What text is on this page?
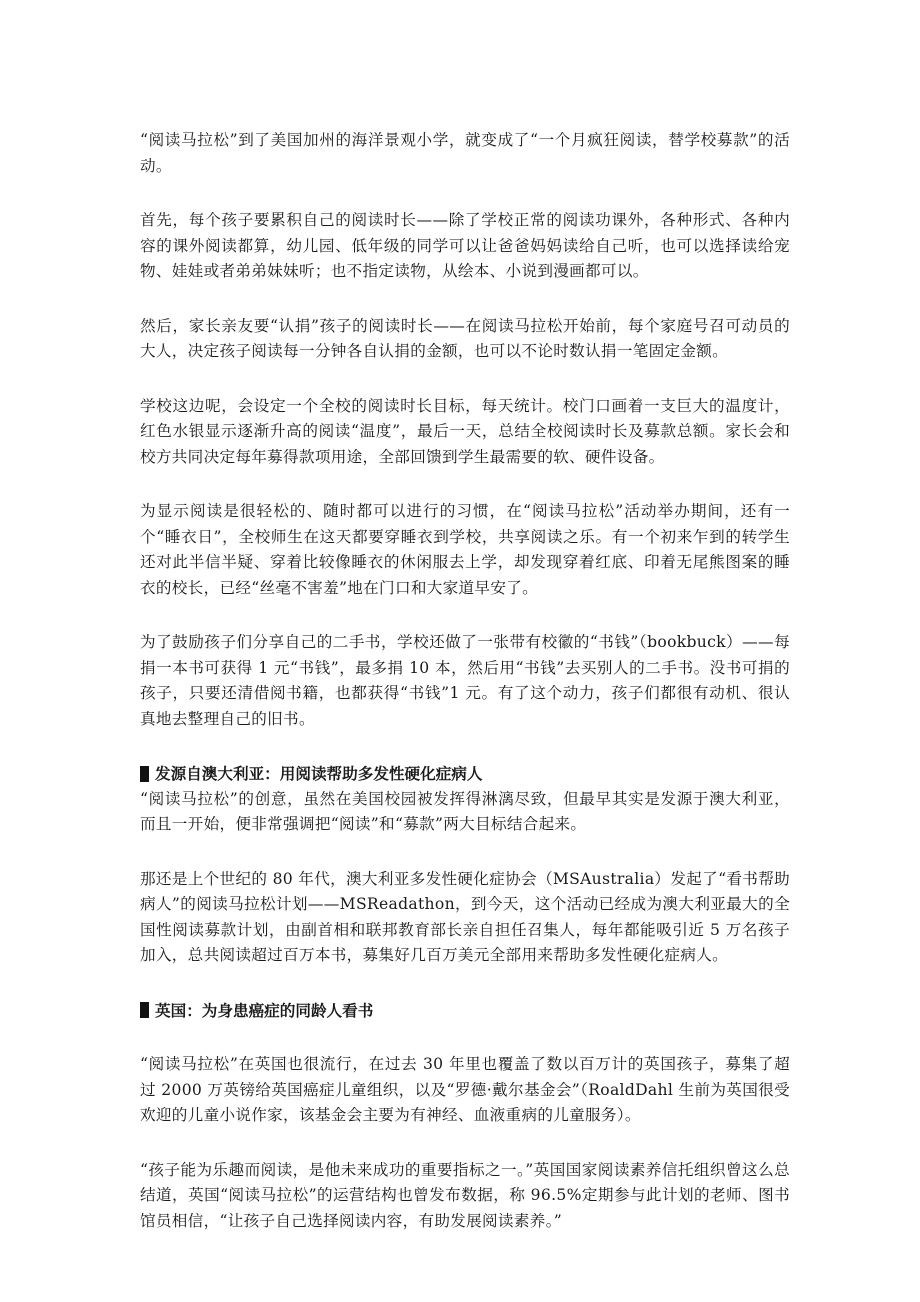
“阅读马拉松”到了美国加州的海洋景观小学，就变成了“一个月疯狂阅读，替学校募款”的活动。

首先，每个孩子要累积自己的阅读时长——除了学校正常的阅读功课外，各种形式、各种内容的课外阅读都算，幼儿园、低年级的同学可以让爸爸妈妈读给自己听，也可以选择读给宠物、娃娃或者弟弟妹妹听；也不指定读物，从绘本、小说到漫画都可以。

然后，家长亲友要“认捐”孩子的阅读时长——在阅读马拉松开始前，每个家庭号召可动员的大人，决定孩子阅读每一分钟各自认捐的金额，也可以不论时数认捐一笔固定金额。

学校这边呢，会设定一个全校的阅读时长目标，每天统计。校门口画着一支巨大的温度计，红色水银显示逐渐升高的阅读“温度”，最后一天，总结全校阅读时长及募款总额。家长会和校方共同决定每年募得款项用途，全部回馈到学生最需要的软、硬件设备。

为显示阅读是很轻松的、随时都可以进行的习惯，在“阅读马拉松”活动举办期间，还有一个“睡衣日”，全校师生在这天都要穿睡衣到学校，共享阅读之乐。有一个初来乍到的转学生还对此半信半疑、穿着比较像睡衣的休闲服去上学，却发现穿着红底、印着无尾熊图案的睡衣的校长，已经“丝毫不害羞”地在门口和大家道早安了。

为了鼓励孩子们分享自己的二手书，学校还做了一张带有校徽的“书钱”（bookbuck）——每捐一本书可获得 1 元“书钱”，最多捐 10 本，然后用“书钱”去买别人的二手书。没书可捐的孩子，只要还清借阅书籍，也都获得“书钱”1 元。有了这个动力，孩子们都很有动机、很认真地去整理自己的旧书。

发源自澳大利亚：用阅读帮助多发性硬化症病人

“阅读马拉松”的创意，虽然在美国校园被发挥得淋漓尽致，但最早其实是发源于澳大利亚，而且一开始，便非常强调把“阅读”和“募款”两大目标结合起来。

那还是上个世纪的 80 年代，澳大利亚多发性硬化症协会（MSAustralia）发起了“看书帮助病人”的阅读马拉松计划——MSReadathon，到今天，这个活动已经成为澳大利亚最大的全国性阅读募款计划，由副首相和联邦教育部长亲自担任召集人，每年都能吸引近 5 万名孩子加入，总共阅读超过百万本书，募集好几百万美元全部用来帮助多发性硬化症病人。

英国：为身患癌症的同龄人看书

“阅读马拉松”在英国也很流行，在过去 30 年里也覆盖了数以百万计的英国孩子，募集了超过 2000 万英镑给英国癌症儿童组织，以及“罗德·戴尔基金会”（RoaldDahl 生前为英国很受欢迎的儿童小说作家，该基金会主要为有神经、血液重病的儿童服务）。

“孩子能为乐趣而阅读，是他未来成功的重要指标之一。”英国国家阅读素养信托组织曾这么总结道，英国“阅读马拉松”的运营结构也曾发布数据，称 96.5%定期参与此计划的老师、图书馆员相信，“让孩子自己选择阅读内容，有助发展阅读素养。”
